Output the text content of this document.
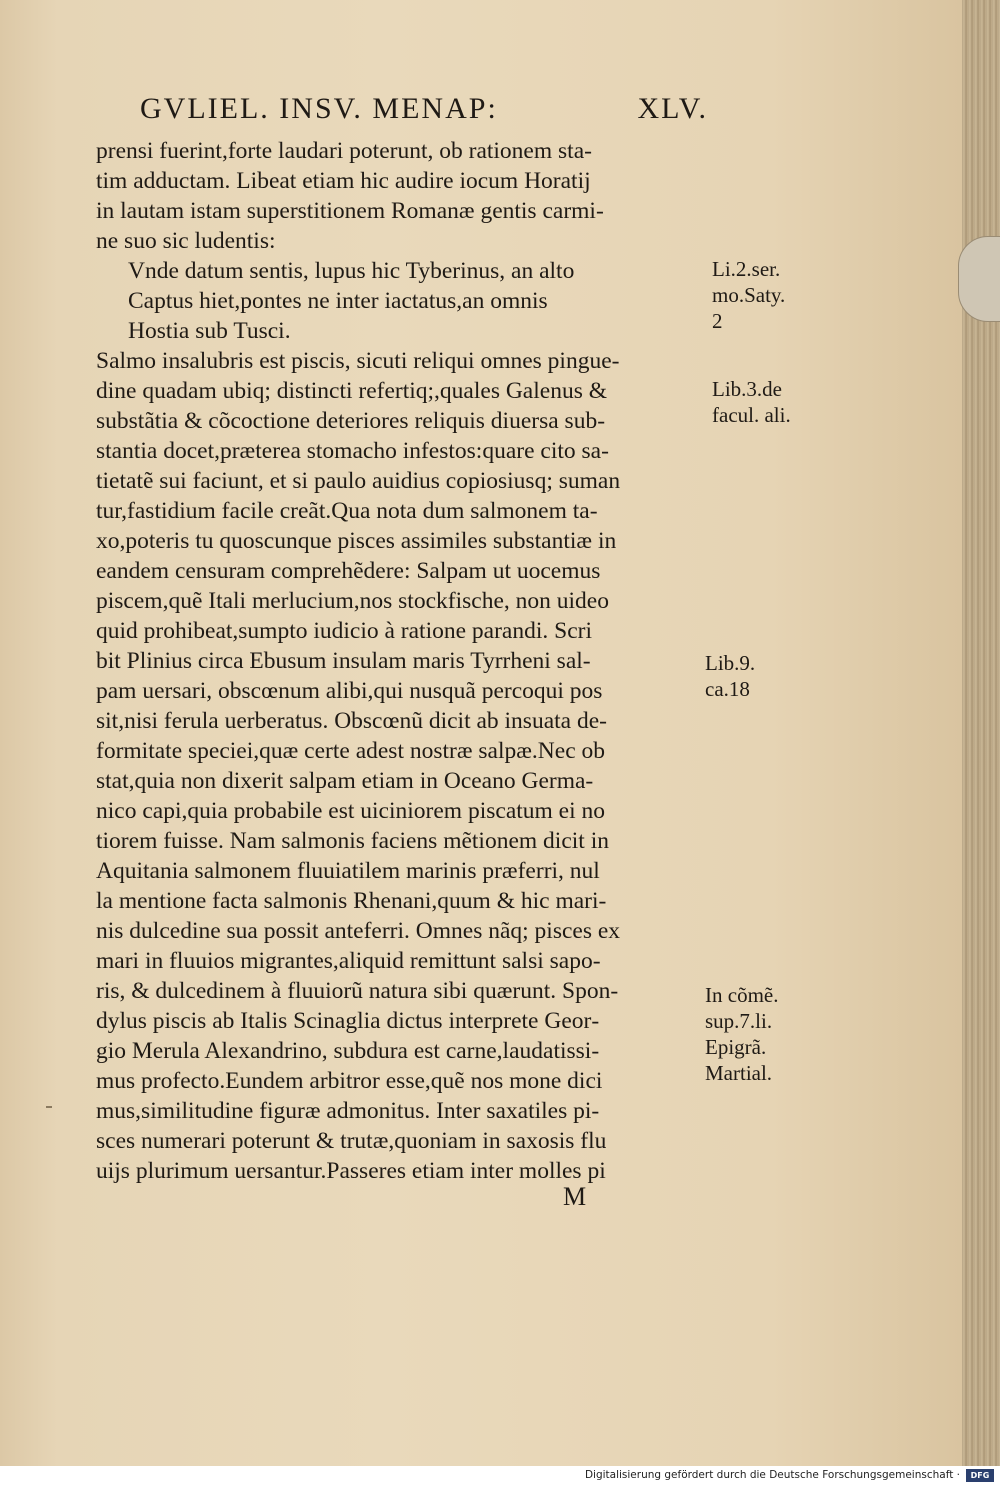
GVLIEL. INSV. MENAP:	XLV.
prensi fuerint,forte laudari poterunt, ob rationem sta‑
tim adductam. Libeat etiam hic audire iocum Horatij
in lautam istam superstitionem Romanæ gentis carmi‑
ne suo sic ludentis:
Vnde datum sentis, lupus hic Tyberinus, an alto
Captus hiet,pontes ne inter iactatus,an omnis
Hostia sub Tusci.
Salmo insalubris est piscis, sicuti reliqui omnes pingue‑
dine quadam ubiq; distincti refertiq;,quales Galenus &
substãtia & cõcoctione deteriores reliquis diuersa sub‑
stantia docet,præterea stomacho infestos:quare cito sa‑
tietatẽ sui faciunt, et si paulo auidius copiosiusq; suman
tur,fastidium facile creãt.Qua nota dum salmonem ta‑
xo,poteris tu quoscunque pisces assimiles substantiæ in
eandem censuram comprehẽdere: Salpam ut uocemus
piscem,quẽ Itali merlucium,nos stockfische, non uideo
quid prohibeat,sumpto iudicio à ratione parandi. Scri
bit Plinius circa Ebusum insulam maris Tyrrheni sal‑
pam uersari, obscœnum alibi,qui nusquã percoqui pos
sit,nisi ferula uerberatus. Obscœnũ dicit ab insuata de‑
formitate speciei,quæ certe adest nostræ salpæ.Nec ob
stat,quia non dixerit salpam etiam in Oceano Germa‑
nico capi,quia probabile est uiciniorem piscatum ei no
tiorem fuisse. Nam salmonis faciens mẽtionem dicit in
Aquitania salmonem fluuiatilem marinis præferri, nul
la mentione facta salmonis Rhenani,quum & hic mari‑
nis dulcedine sua possit anteferri. Omnes nãq; pisces ex
mari in fluuios migrantes,aliquid remittunt salsi sapo‑
ris, & dulcedinem à fluuiorũ natura sibi quærunt. Spon‑
dylus piscis ab Italis Scinaglia dictus interprete Geor‑
gio Merula Alexandrino, subdura est carne,laudatissi‑
mus profecto.Eundem arbitror esse,quẽ nos mone dici
mus,similitudine figuræ admonitus. Inter saxatiles pi‑
sces numerari poterunt & trutæ,quoniam in saxosis flu
uijs plurimum uersantur.Passeres etiam inter molles pi
Li.2.ser.
mo.Saty.
2
Lib.3.de
facul. ali.
Lib.9.
ca.18
In cõmẽ.
sup.7.li.
Epigrã.
Martial.
M
Digitalisierung gefördert durch die Deutsche Forschungsgemeinschaft ·	DFG
